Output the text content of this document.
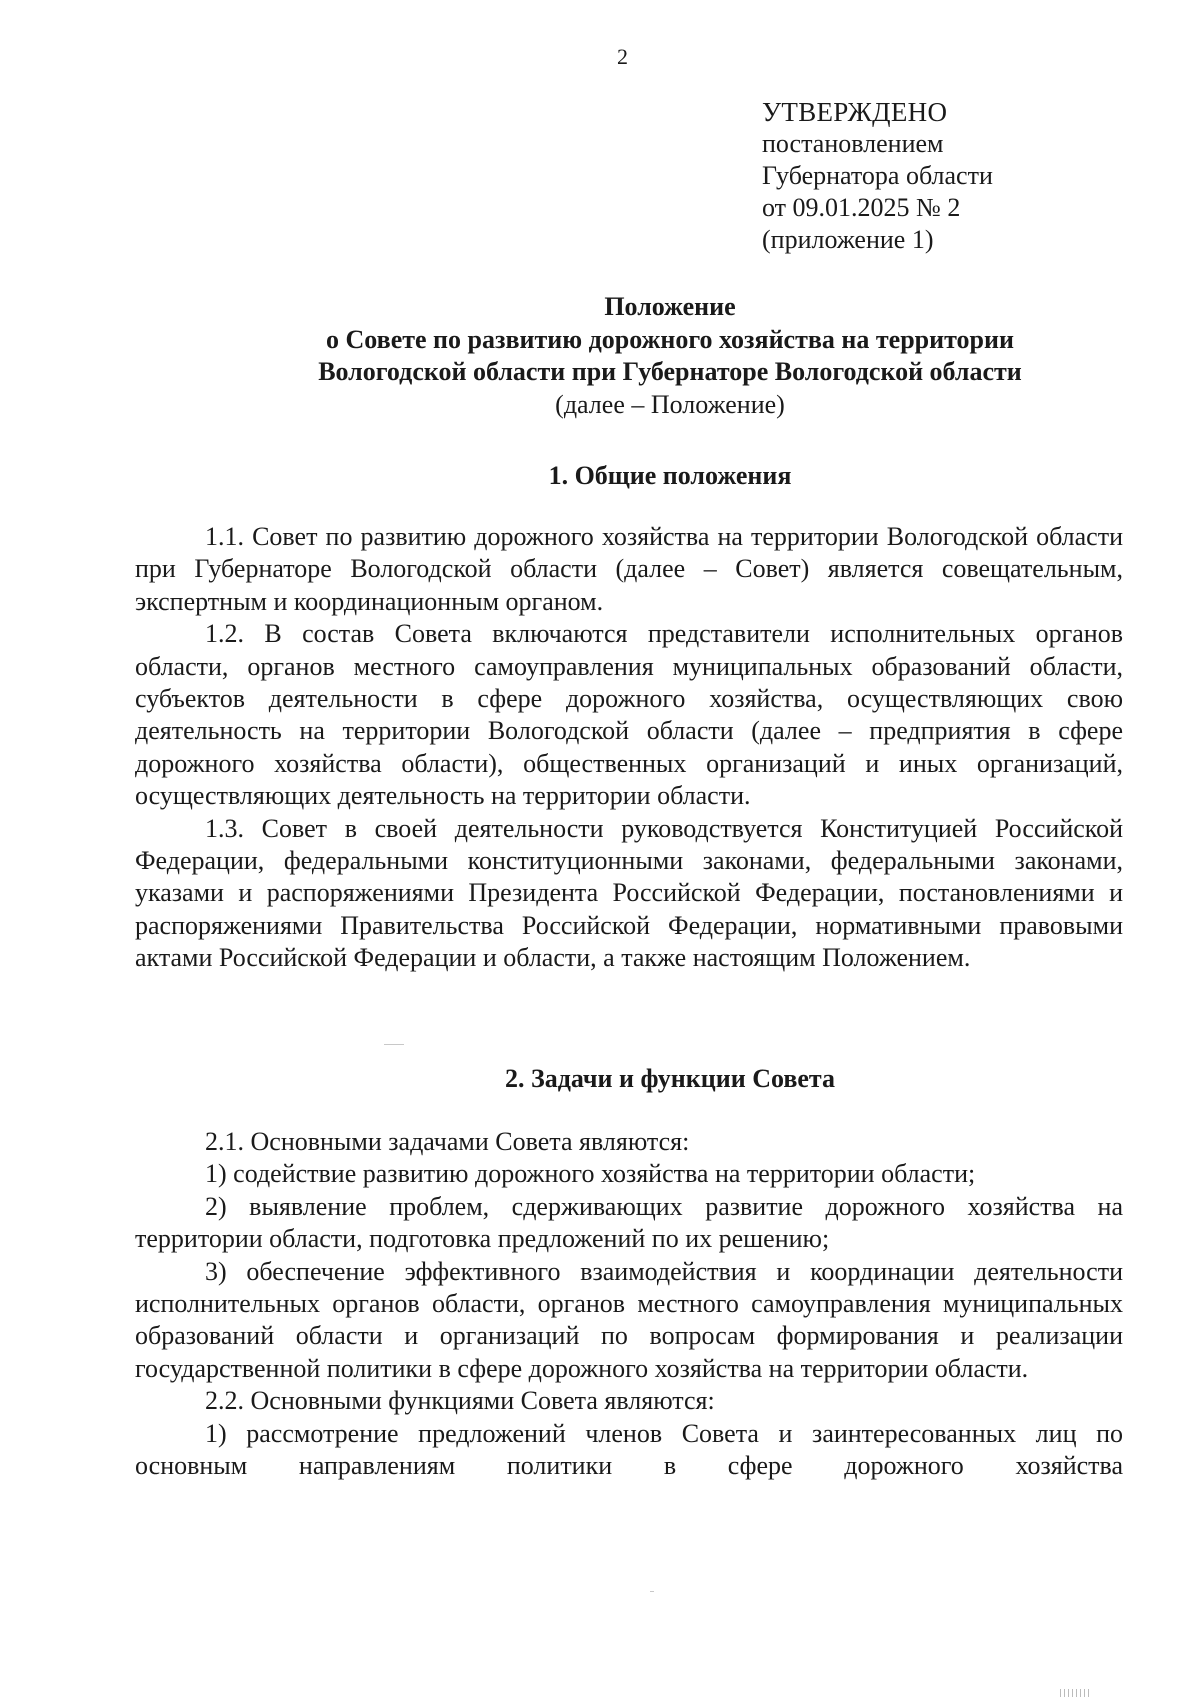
2
УТВЕРЖДЕНО
постановлением
Губернатора области
от 09.01.2025 № 2
(приложение 1)
Положение
о Совете по развитию дорожного хозяйства на территории
Вологодской области при Губернаторе Вологодской области
(далее – Положение)
1. Общие положения

1.1. Совет по развитию дорожного хозяйства на территории Вологодской области при Губернаторе Вологодской области (далее – Совет) является совещательным, экспертным и координационным органом.

1.2. В состав Совета включаются представители исполнительных органов области, органов местного самоуправления муниципальных образований области, субъектов деятельности в сфере дорожного хозяйства, осуществляющих свою деятельность на территории Вологодской области (далее – предприятия в сфере дорожного хозяйства области), общественных организаций и иных организаций, осуществляющих деятельность на территории области.

1.3. Совет в своей деятельности руководствуется Конституцией Российской Федерации, федеральными конституционными законами, федеральными законами, указами и распоряжениями Президента Российской Федерации, постановлениями и распоряжениями Правительства Российской Федерации, нормативными правовыми актами Российской Федерации и области, а также настоящим Положением.

2. Задачи и функции Совета

2.1. Основными задачами Совета являются:

1) содействие развитию дорожного хозяйства на территории области;

2) выявление проблем, сдерживающих развитие дорожного хозяйства на территории области, подготовка предложений по их решению;

3) обеспечение эффективного взаимодействия и координации деятельности исполнительных органов области, органов местного самоуправления муниципальных образований области и организаций по вопросам формирования и реализации государственной политики в сфере дорожного хозяйства на территории области.

2.2. Основными функциями Совета являются:

1) рассмотрение предложений членов Совета и заинтересованных лиц по основным направлениям политики в сфере дорожного хозяйства
